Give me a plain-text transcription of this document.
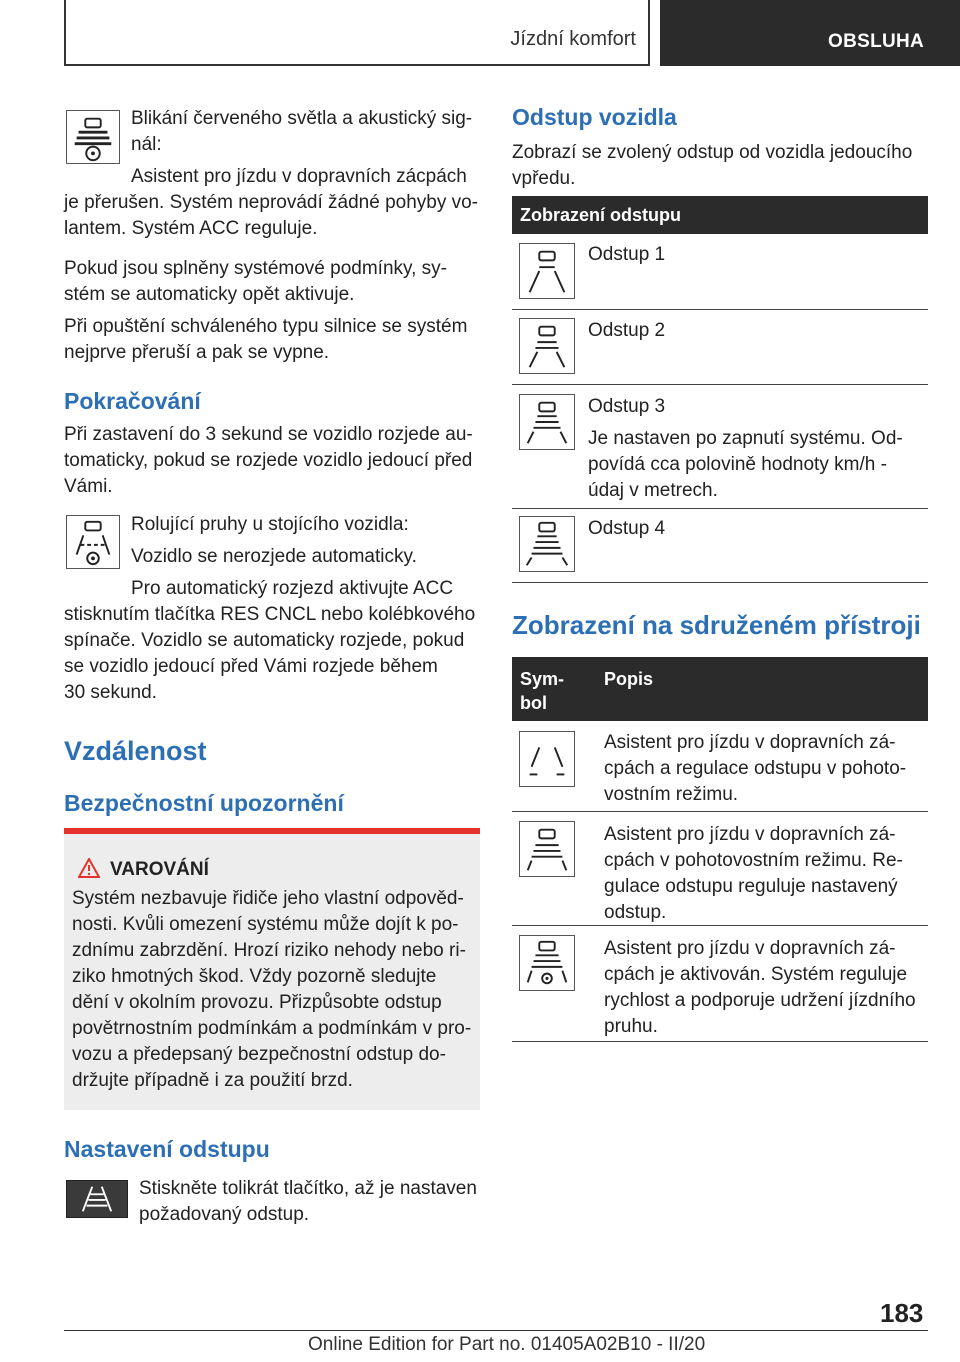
Jízdní komfort	OBSLUHA
Blikání červeného světla a akustický sig-
nál:
Asistent pro jízdu v dopravních zácpách
je přerušen. Systém neprovádí žádné pohyby vo-
lantem. Systém ACC reguluje.
Pokud jsou splněny systémové podmínky, sy-
stém se automaticky opět aktivuje.
Při opuštění schváleného typu silnice se systém
nejprve přeruší a pak se vypne.
Pokračování
Při zastavení do 3 sekund se vozidlo rozjede au-
tomaticky, pokud se rozjede vozidlo jedoucí před
Vámi.
Rolující pruhy u stojícího vozidla:
Vozidlo se nerozjede automaticky.
Pro automatický rozjezd aktivujte ACC
stisknutím tlačítka RES CNCL nebo kolébkového
spínače. Vozidlo se automaticky rozjede, pokud
se vozidlo jedoucí před Vámi rozjede během
30 sekund.
Vzdálenost
Bezpečnostní upozornění
VAROVÁNÍ
Systém nezbavuje řidiče jeho vlastní odpověd-
nosti. Kvůli omezení systému může dojít k po-
zdnímu zabrzdění. Hrozí riziko nehody nebo ri-
ziko hmotných škod. Vždy pozorně sledujte
dění v okolním provozu. Přizpůsobte odstup
povětrnostním podmínkám a podmínkám v pro-
vozu a předepsaný bezpečnostní odstup do-
držujte případně i za použití brzd.
Nastavení odstupu
Stiskněte tolikrát tlačítko, až je nastaven
požadovaný odstup.
Odstup vozidla
Zobrazí se zvolený odstup od vozidla jedoucího
vpředu.
Zobrazení odstupu
Odstup 1
Odstup 2
Odstup 3
Je nastaven po zapnutí systému. Od-
povídá cca polovině hodnoty km/h -
údaj v metrech.
Odstup 4
Zobrazení na sdruženém přístroji
Sym-
bol
Popis
Asistent pro jízdu v dopravních zá-
cpách a regulace odstupu v pohoto-
vostním režimu.
Asistent pro jízdu v dopravních zá-
cpách v pohotovostním režimu. Re-
gulace odstupu reguluje nastavený
odstup.
Asistent pro jízdu v dopravních zá-
cpách je aktivován. Systém reguluje
rychlost a podporuje udržení jízdního
pruhu.
183
Online Edition for Part no. 01405A02B10 - II/20
